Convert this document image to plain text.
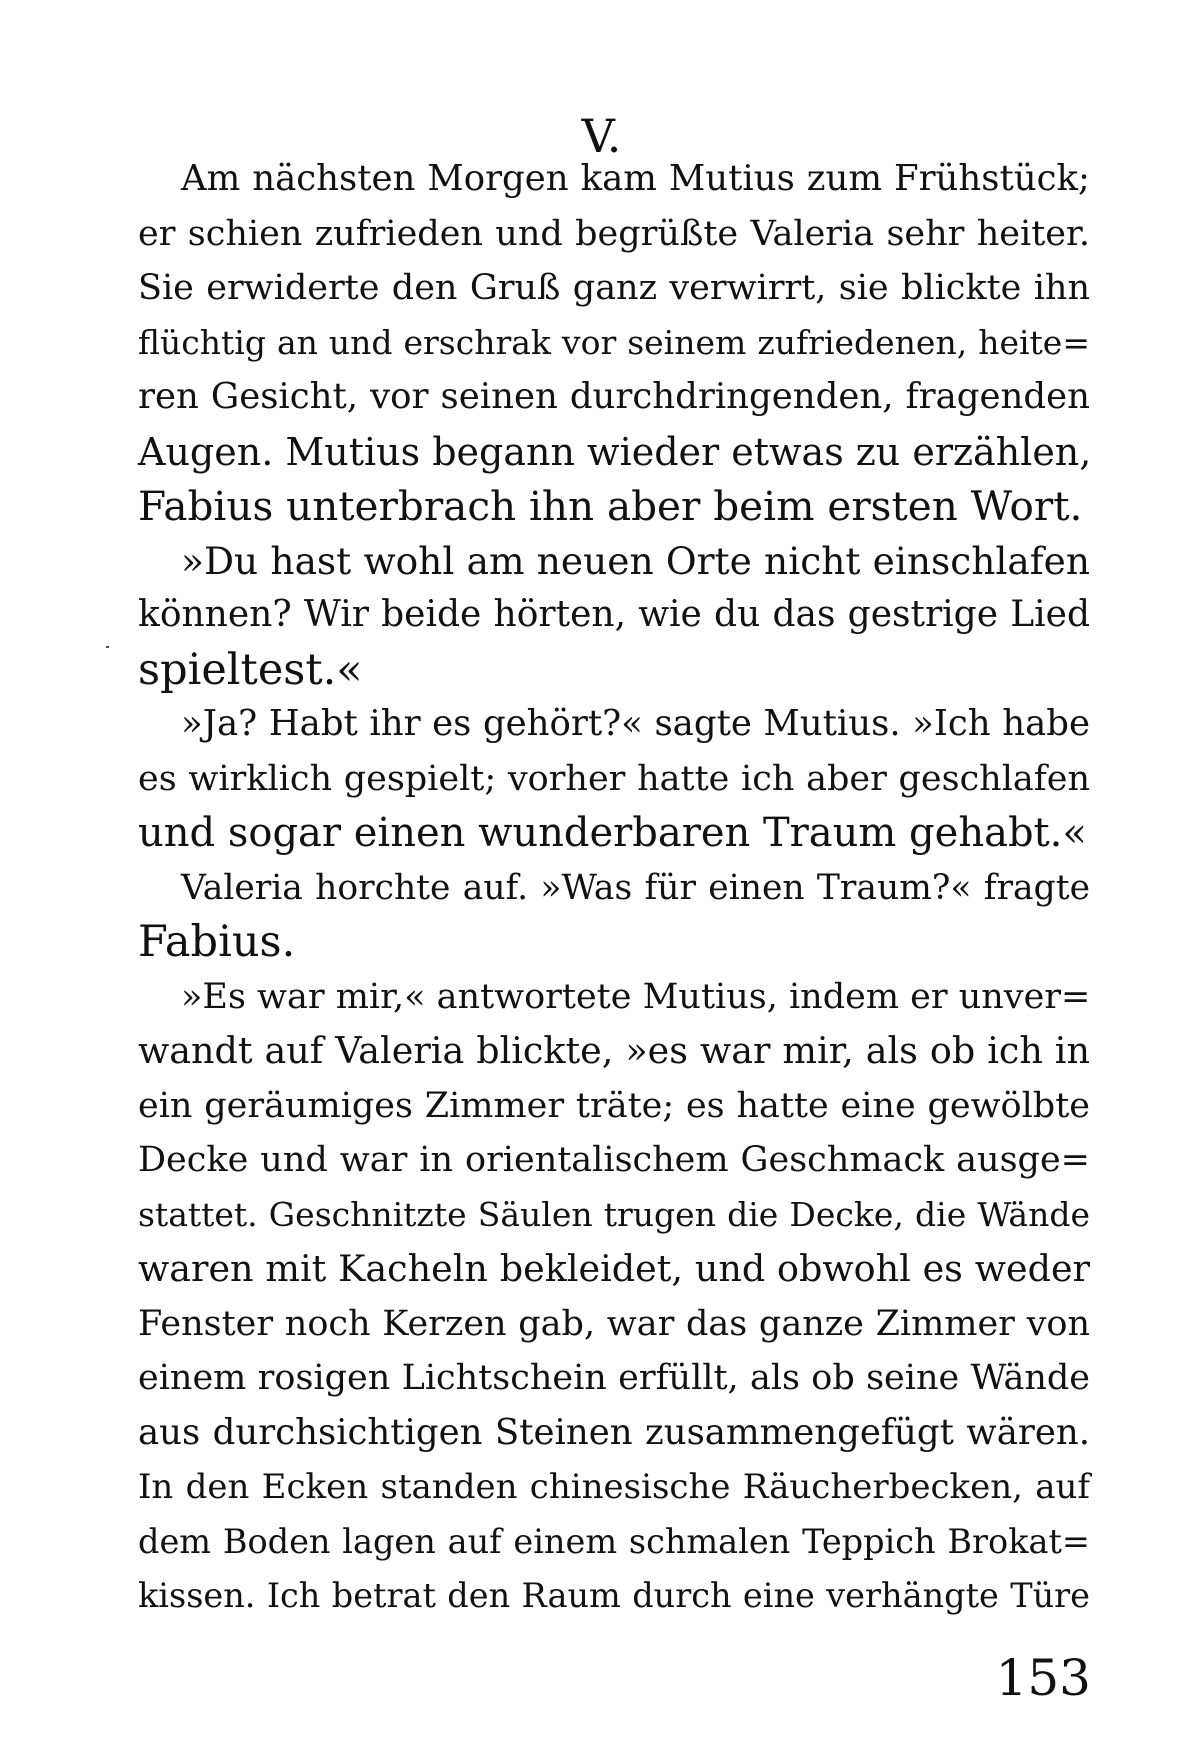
V.
Am nächsten Morgen kam Mutius zum Frühstück;
er schien zufrieden und begrüßte Valeria sehr heiter.
Sie erwiderte den Gruß ganz verwirrt, sie blickte ihn
flüchtig an und erschrak vor seinem zufriedenen, heite=
ren Gesicht, vor seinen durchdringenden, fragenden
Augen. Mutius begann wieder etwas zu erzählen,
Fabius unterbrach ihn aber beim ersten Wort.
»Du hast wohl am neuen Orte nicht einschlafen
können? Wir beide hörten, wie du das gestrige Lied
spieltest.«
»Ja? Habt ihr es gehört?« sagte Mutius. »Ich habe
es wirklich gespielt; vorher hatte ich aber geschlafen
und sogar einen wunderbaren Traum gehabt.«
Valeria horchte auf. »Was für einen Traum?« fragte
Fabius.
»Es war mir,« antwortete Mutius, indem er unver=
wandt auf Valeria blickte, »es war mir, als ob ich in
ein geräumiges Zimmer träte; es hatte eine gewölbte
Decke und war in orientalischem Geschmack ausge=
stattet. Geschnitzte Säulen trugen die Decke, die Wände
waren mit Kacheln bekleidet, und obwohl es weder
Fenster noch Kerzen gab, war das ganze Zimmer von
einem rosigen Lichtschein erfüllt, als ob seine Wände
aus durchsichtigen Steinen zusammengefügt wären.
In den Ecken standen chinesische Räucherbecken, auf
dem Boden lagen auf einem schmalen Teppich Brokat=
kissen. Ich betrat den Raum durch eine verhängte Türe
153
